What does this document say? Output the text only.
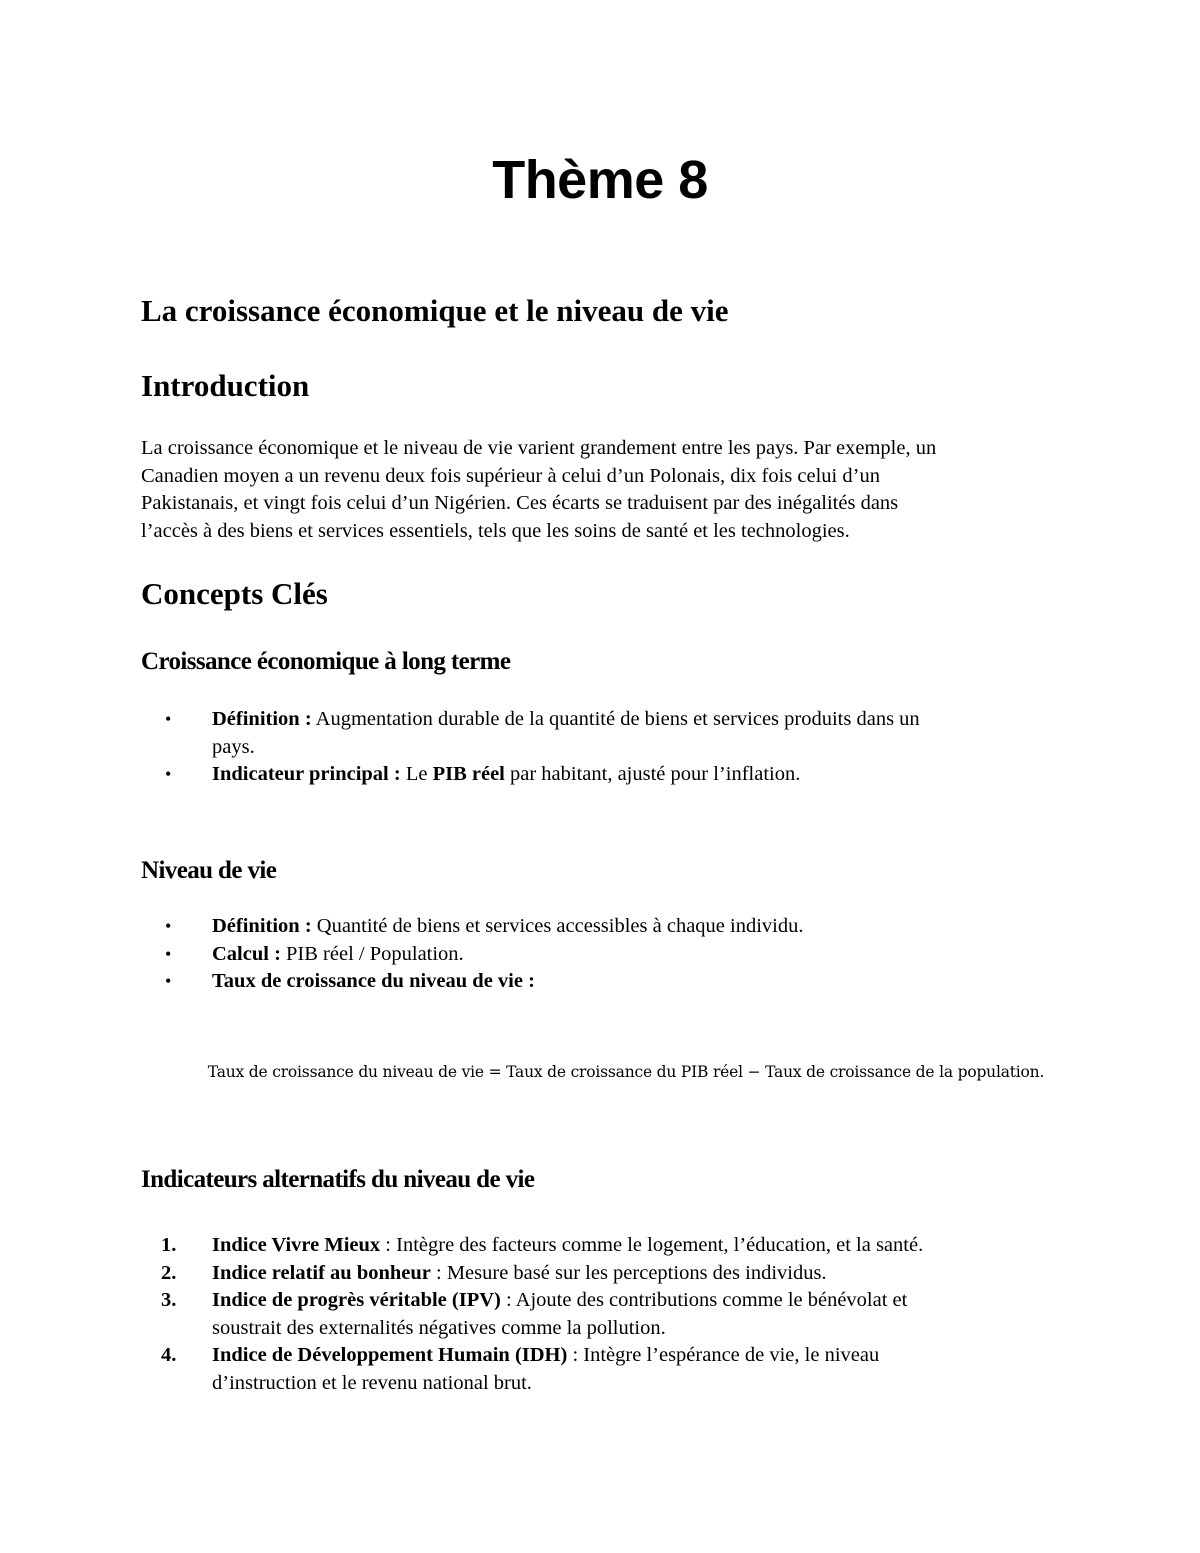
Thème 8
La croissance économique et le niveau de vie
Introduction
La croissance économique et le niveau de vie varient grandement entre les pays. Par exemple, un
Canadien moyen a un revenu deux fois supérieur à celui d’un Polonais, dix fois celui d’un
Pakistanais, et vingt fois celui d’un Nigérien. Ces écarts se traduisent par des inégalités dans
l’accès à des biens et services essentiels, tels que les soins de santé et les technologies.
Concepts Clés
Croissance économique à long terme
•	Définition : Augmentation durable de la quantité de biens et services produits dans un
pays.
•	Indicateur principal : Le PIB réel par habitant, ajusté pour l’inflation.
Niveau de vie
•	Définition : Quantité de biens et services accessibles à chaque individu.
•	Calcul : PIB réel / Population.
•	Taux de croissance du niveau de vie :
Taux de croissance du niveau de vie = Taux de croissance du PIB réel − Taux de croissance de la population.
Indicateurs alternatifs du niveau de vie
1.	Indice Vivre Mieux : Intègre des facteurs comme le logement, l’éducation, et la santé.
2.	Indice relatif au bonheur : Mesure basé sur les perceptions des individus.
3.	Indice de progrès véritable (IPV) : Ajoute des contributions comme le bénévolat et
soustrait des externalités négatives comme la pollution.
4.	Indice de Développement Humain (IDH) : Intègre l’espérance de vie, le niveau
d’instruction et le revenu national brut.
